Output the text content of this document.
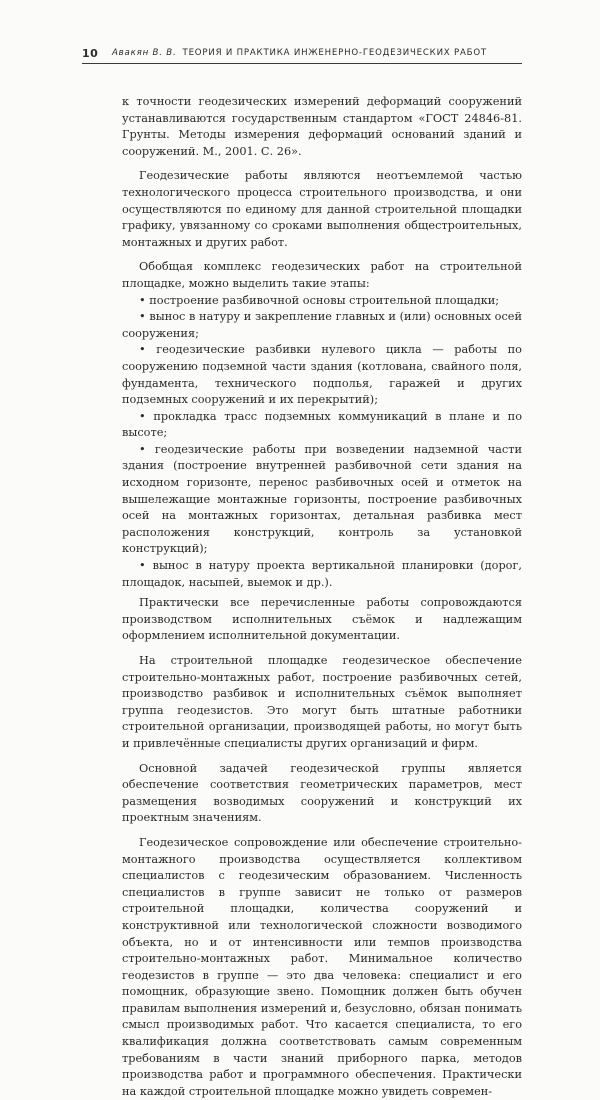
10 Авакян В. В. ТЕОРИЯ И ПРАКТИКА ИНЖЕНЕРНО-ГЕОДЕЗИЧЕСКИХ РАБОТ

к точности геодезических измерений деформаций сооружений устанавливаются государственным стандартом «ГОСТ 24846-81. Грунты. Методы измерения деформаций оснований зданий и сооружений. М., 2001. С. 26».

Геодезические работы являются неотъемлемой частью технологического процесса строительного производства, и они осуществляются по единому для данной строительной площадки графику, увязанному со сроками выполнения общестроительных, монтажных и других работ.

Обобщая комплекс геодезических работ на строительной площадке, можно выделить такие этапы:

• построение разбивочной основы строительной площадки;
• вынос в натуру и закрепление главных и (или) основных осей сооружения;
• геодезические разбивки нулевого цикла — работы по сооружению подземной части здания (котлована, свайного поля, фундамента, технического подполья, гаражей и других подземных сооружений и их перекрытий);
• прокладка трасс подземных коммуникаций в плане и по высоте;
• геодезические работы при возведении надземной части здания (построение внутренней разбивочной сети здания на исходном горизонте, перенос разбивочных осей и отметок на вышележащие монтажные горизонты, построение разбивочных осей на монтажных горизонтах, детальная разбивка мест расположения конструкций, контроль за установкой конструкций);
• вынос в натуру проекта вертикальной планировки (дорог, площадок, насыпей, выемок и др.).

Практически все перечисленные работы сопровождаются производством исполнительных съёмок и надлежащим оформлением исполнительной документации.

На строительной площадке геодезическое обеспечение строительно-монтажных работ, построение разбивочных сетей, производство разбивок и исполнительных съёмок выполняет группа геодезистов. Это могут быть штатные работники строительной организации, производящей работы, но могут быть и привлечённые специалисты других организаций и фирм.

Основной задачей геодезической группы является обеспечение соответствия геометрических параметров, мест размещения возводимых сооружений и конструкций их проектным значениям.

Геодезическое сопровождение или обеспечение строительно-монтажного производства осуществляется коллективом специалистов с геодезическим образованием. Численность специалистов в группе зависит не только от размеров строительной площадки, количества сооружений и конструктивной или технологической сложности возводимого объекта, но и от интенсивности или темпов производства строительно-монтажных работ. Минимальное количество геодезистов в группе — это два человека: специалист и его помощник, образующие звено. Помощник должен быть обучен правилам выполнения измерений и, безусловно, обязан понимать смысл производимых работ. Что касается специалиста, то его квалификация должна соответствовать самым современным требованиям в части знаний приборного парка, методов производства работ и программного обеспечения. Практически на каждой строительной площадке можно увидеть современ-
